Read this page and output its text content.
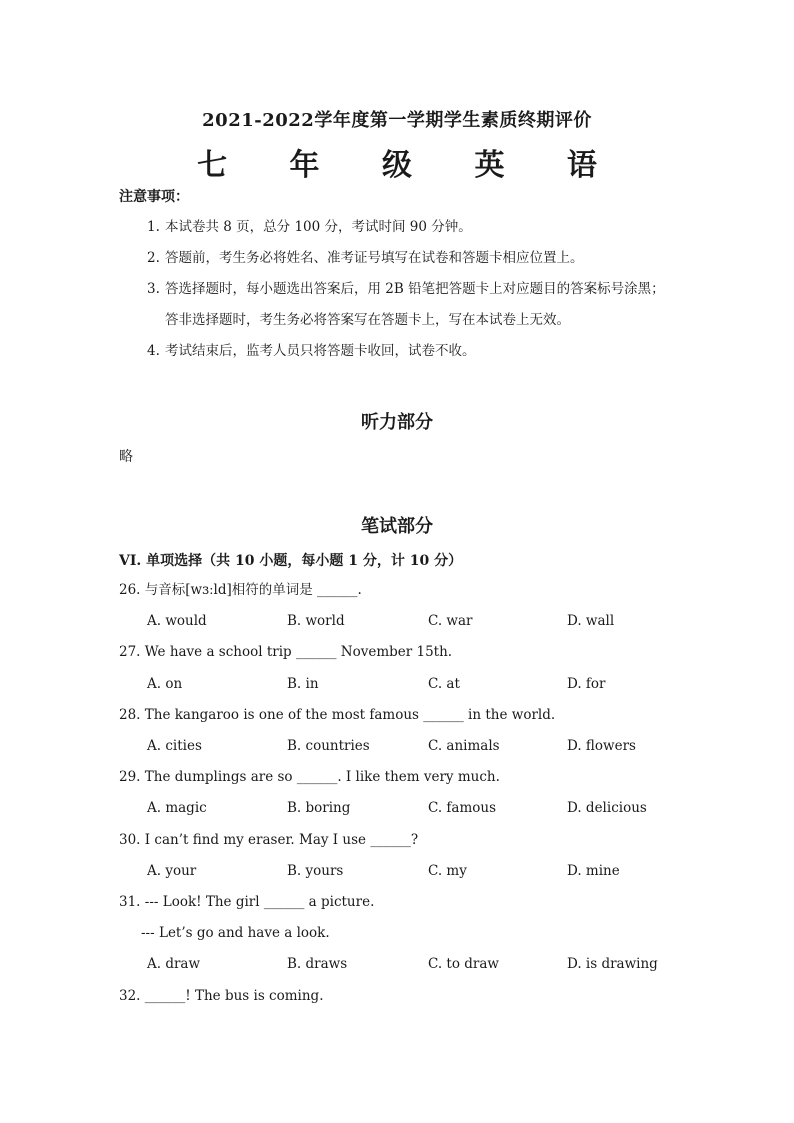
2021-2022学年度第一学期学生素质终期评价
七 年 级 英 语
注意事项：
1. 本试卷共 8 页，总分 100 分，考试时间 90 分钟。
2. 答题前，考生务必将姓名、准考证号填写在试卷和答题卡相应位置上。
3. 答选择题时，每小题选出答案后，用 2B 铅笔把答题卡上对应题目的答案标号涂黑；
答非选择题时，考生务必将答案写在答题卡上，写在本试卷上无效。
4. 考试结束后，监考人员只将答题卡收回，试卷不收。
听力部分
略
笔试部分
VI. 单项选择（共 10 小题，每小题 1 分，计 10 分）
26. 与音标[wɜːld]相符的单词是 ______.
A. would	B. world	C. war	D. wall
27. We have a school trip ______ November 15th.
A. on	B. in	C. at	D. for
28. The kangaroo is one of the most famous ______ in the world.
A. cities	B. countries	C. animals	D. flowers
29. The dumplings are so ______. I like them very much.
A. magic	B. boring	C. famous	D. delicious
30. I can’t find my eraser. May I use ______?
A. your	B. yours	C. my	D. mine
31. --- Look! The girl ______ a picture.
--- Let’s go and have a look.
A. draw	B. draws	C. to draw	D. is drawing
32. ______! The bus is coming.
